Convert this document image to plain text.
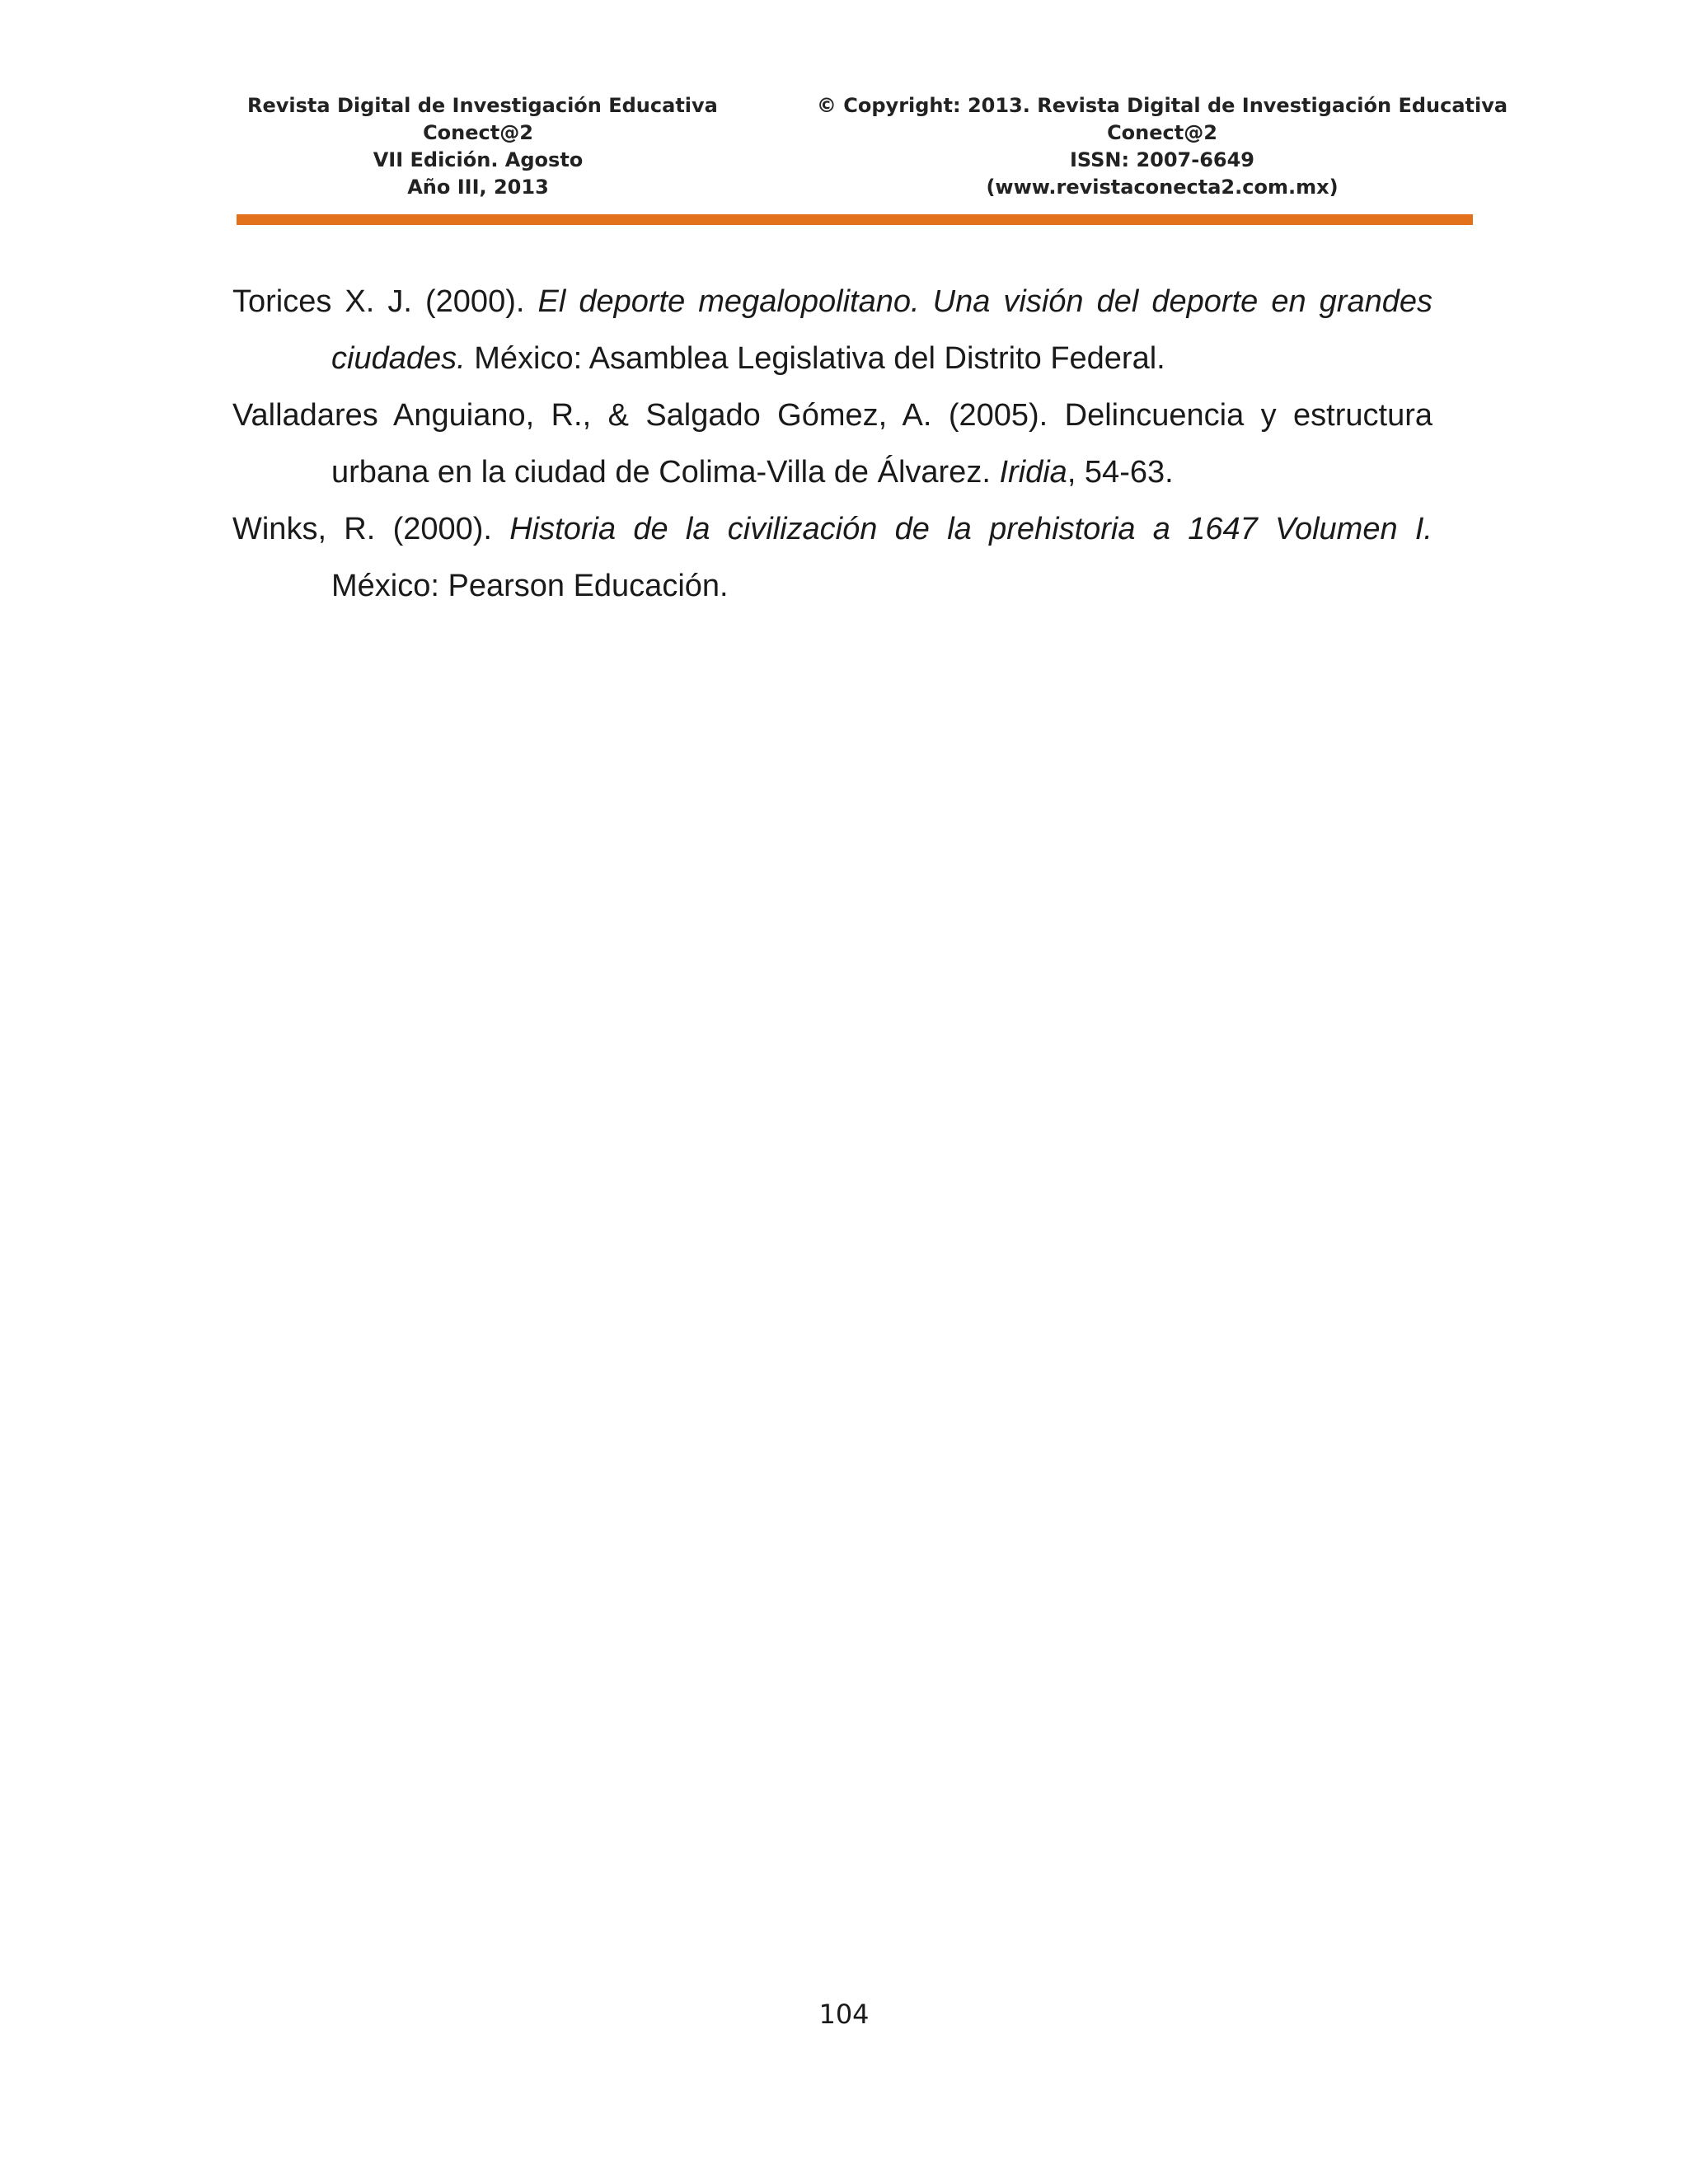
Revista Digital de Investigación Educativa
Conect@2
VII Edición. Agosto
Año III, 2013
© Copyright: 2013. Revista Digital de Investigación Educativa
Conect@2
ISSN: 2007-6649
(www.revistaconecta2.com.mx)

Torices X. J. (2000). El deporte megalopolitano. Una visión del deporte en grandes ciudades. México: Asamblea Legislativa del Distrito Federal.

Valladares Anguiano, R., & Salgado Gómez, A. (2005). Delincuencia y estructura urbana en la ciudad de Colima-Villa de Álvarez. Iridia, 54-63.

Winks, R. (2000). Historia de la civilización de la prehistoria a 1647 Volumen I. México: Pearson Educación.

104
